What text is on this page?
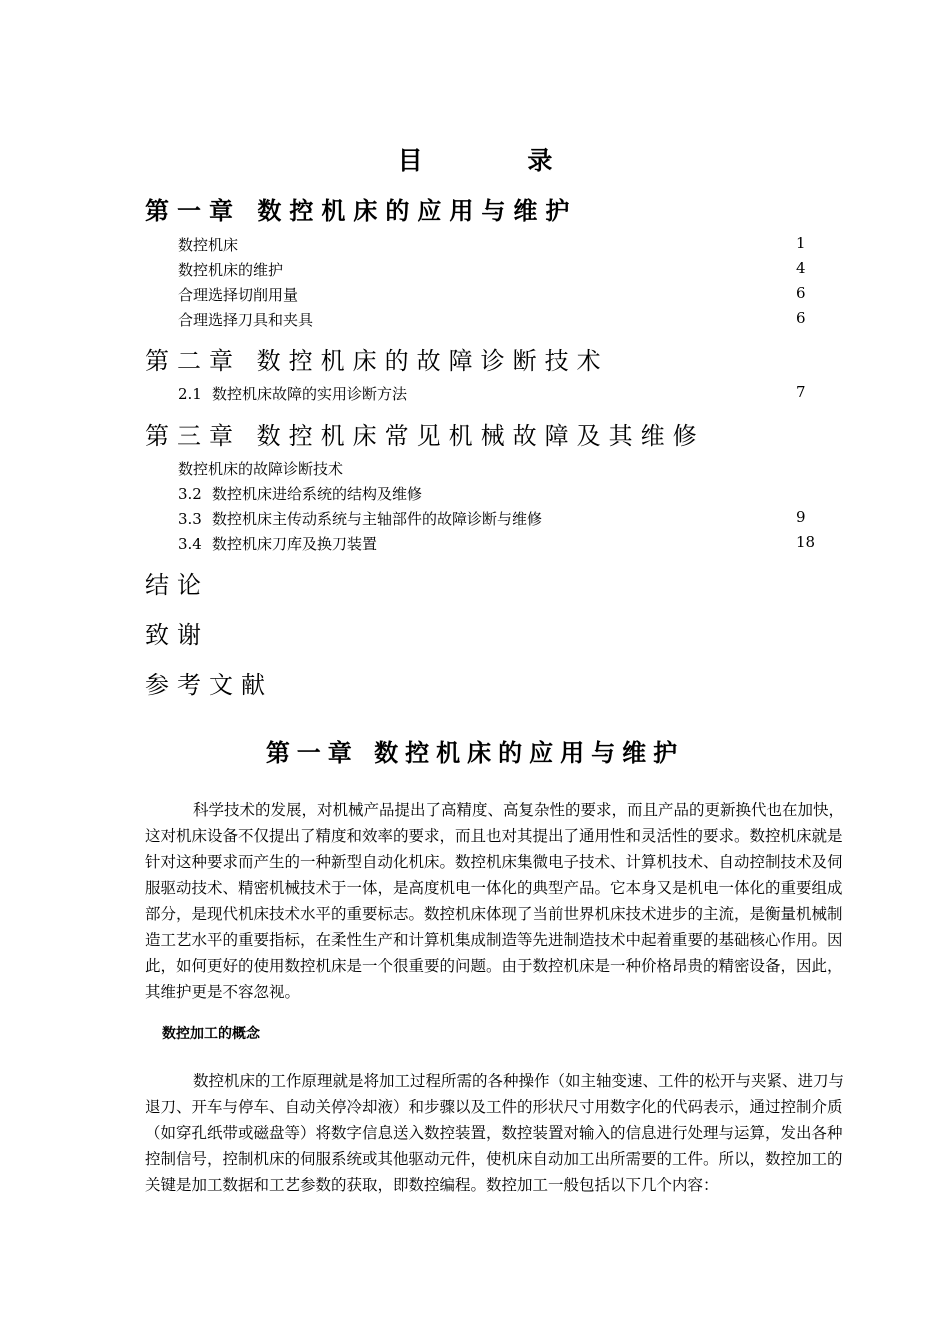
目 录
第一章 数控机床的应用与维护
数控机床	1
数控机床的维护	4
合理选择切削用量	6
合理选择刀具和夹具	6
第二章 数控机床的故障诊断技术
2.1 数控机床故障的实用诊断方法	7
第三章 数控机床常见机械故障及其维修
数控机床的故障诊断技术
3.2 数控机床进给系统的结构及维修
3.3 数控机床主传动系统与主轴部件的故障诊断与维修	9
3.4 数控机床刀库及换刀装置	18
结论
致谢
参考文献
第一章 数控机床的应用与维护
科学技术的发展，对机械产品提出了高精度、高复杂性的要求，而且产品的更新换代也在加快，这对机床设备不仅提出了精度和效率的要求，而且也对其提出了通用性和灵活性的要求。数控机床就是针对这种要求而产生的一种新型自动化机床。数控机床集微电子技术、计算机技术、自动控制技术及伺服驱动技术、精密机械技术于一体，是高度机电一体化的典型产品。它本身又是机电一体化的重要组成部分，是现代机床技术水平的重要标志。数控机床体现了当前世界机床技术进步的主流，是衡量机械制造工艺水平的重要指标，在柔性生产和计算机集成制造等先进制造技术中起着重要的基础核心作用。因此，如何更好的使用数控机床是一个很重要的问题。由于数控机床是一种价格昂贵的精密设备，因此，其维护更是不容忽视。
数控加工的概念
数控机床的工作原理就是将加工过程所需的各种操作（如主轴变速、工件的松开与夹紧、进刀与退刀、开车与停车、自动关停冷却液）和步骤以及工件的形状尺寸用数字化的代码表示，通过控制介质（如穿孔纸带或磁盘等）将数字信息送入数控装置，数控装置对输入的信息进行处理与运算，发出各种控制信号，控制机床的伺服系统或其他驱动元件，使机床自动加工出所需要的工件。所以，数控加工的关键是加工数据和工艺参数的获取，即数控编程。数控加工一般包括以下几个内容：
